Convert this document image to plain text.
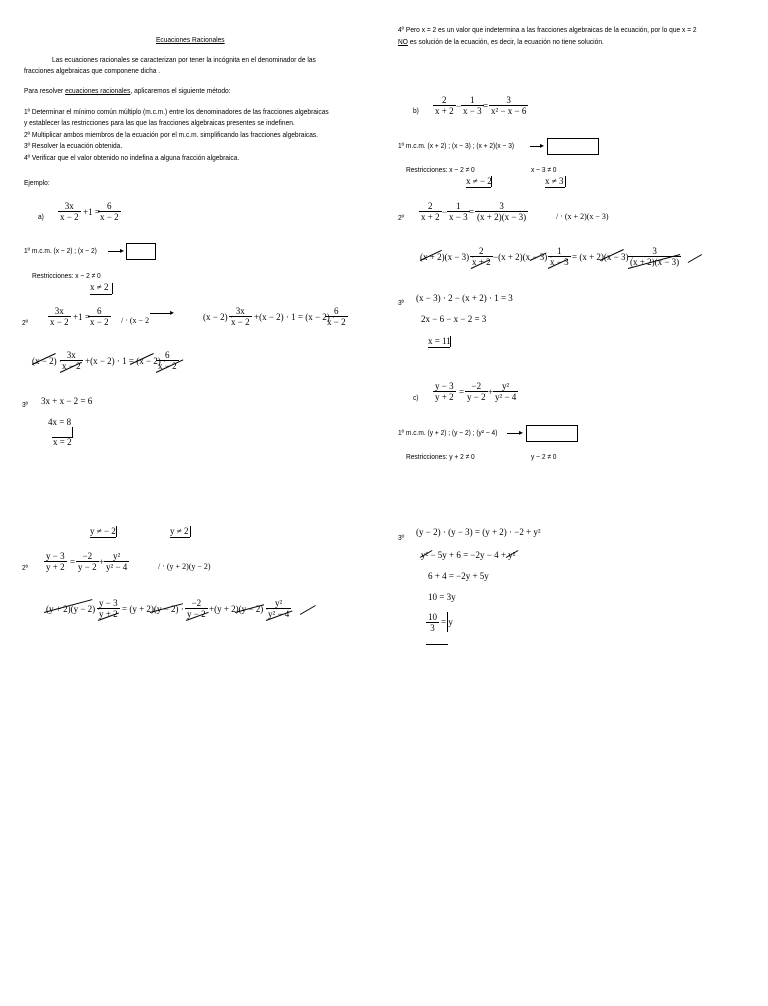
Ecuaciones Racionales
Las ecuaciones racionales se caracterizan por tener la incógnita en el denominador de las
fracciones algebraicas que componene dicha .
Para resolver ecuaciones racionales, aplicaremos el siguiente método:
1º Determinar el mínimo común múltiplo (m.c.m.) entre los denominadores de las fracciones algebraicas
y establecer las restricciones para las que las fracciones algebraicas presentes se indefinen.
2º Multiplicar ambos miembros de la ecuación por el m.c.m. simplificando las fracciones algebraicas.
3º Resolver la ecuación obtenida.
4º Verificar que el valor obtenido no indefina a alguna fracción algebraica.
Ejemplo:
$a) \frac{3x}{x - 2} +1$ =
$\frac{6}{x - 2}$
1º m.c.m. (x − 2) ; (x − 2)	▸
Restricciones: x − 2 ≠ 0
x ≠ 2
2º $\frac{3x}{x - 2} +1$ =
$\frac{6}{x - 2}$ / · (x − 2
▸	(x − 2) ·
$\frac{3x}{x - 2} +(x - 2) \cdot 1 = (x - 2)$ ·
$\frac{6}{x - 2}$
(x − 2) ·
$\frac{3x}{x - 2} +(x - 2) \cdot 1 = (x - 2)$ ·
$\frac{6}{x - 2}$
3º 3x + x − 2 = 6
4x = 8
x = 2
y ≠ − 2	y ≠ 2
2º $\frac{y - 3}{y + 2} = \frac{-2}{y - 2} + \frac{\text{y²}}{\text{y² − 4}}$	/ · (y + 2)(y − 2)
(y + 2)(y − 2) ·
$\frac{y - 3}{y + 2} = (y + 2)(y - 2) \cdot \frac{-2}{y - 2} +(y + 2)(y - 2)$ ·
$\frac{\text{y²}}{\text{y² − 4}}$
4º Pero x = 2 es un valor que indetermina a las fracciones algebraicas de la ecuación, por lo que x = 2
NO es solución de la ecuación, es decir, la ecuación no tiene solución.
$b) \frac{2}{x + 2} - \frac{1}{x - 3} = \frac{3}{\text{x² − x − 6}}$
1º m.c.m. (x + 2) ; (x − 3) ; (x + 2)(x − 3)	▸
Restricciones: x − 2 ≠ 0	x − 3 ≠ 0
x ≠ − 2	x ≠ 3
2º $\frac{2}{x + 2} - \frac{1}{x - 3} = \frac{3}{(x + 2)(x - 3)}$	/ · (x + 2)(x − 3)
(x + 2)(x − 3) ·
$\frac{2}{x + 2} -(x + 2)(x - 3)$ ·
$\frac{1}{x - 3} = (x + 2)(x - 3)$ ·
$\frac{3}{(x + 2)(x - 3)}$
3º (x − 3) · 2 − (x + 2) · 1 = 3
2x − 6 − x − 2 = 3
x = 11
$c) \frac{y - 3}{y + 2} = \frac{-2}{y - 2} + \frac{\text{y²}}{\text{y² − 4}}$
1º m.c.m. (y + 2) ; (y − 2) ; (y² − 4)	▸
Restricciones: y + 2 ≠ 0	y − 2 ≠ 0
3º
(y − 2) · (y − 3) = (y + 2) · −2 + y²
y² − 5y + 6 = −2y − 4 + y²
6 + 4 = −2y + 5y
10 = 3y
$\frac{10}{3} = y$
